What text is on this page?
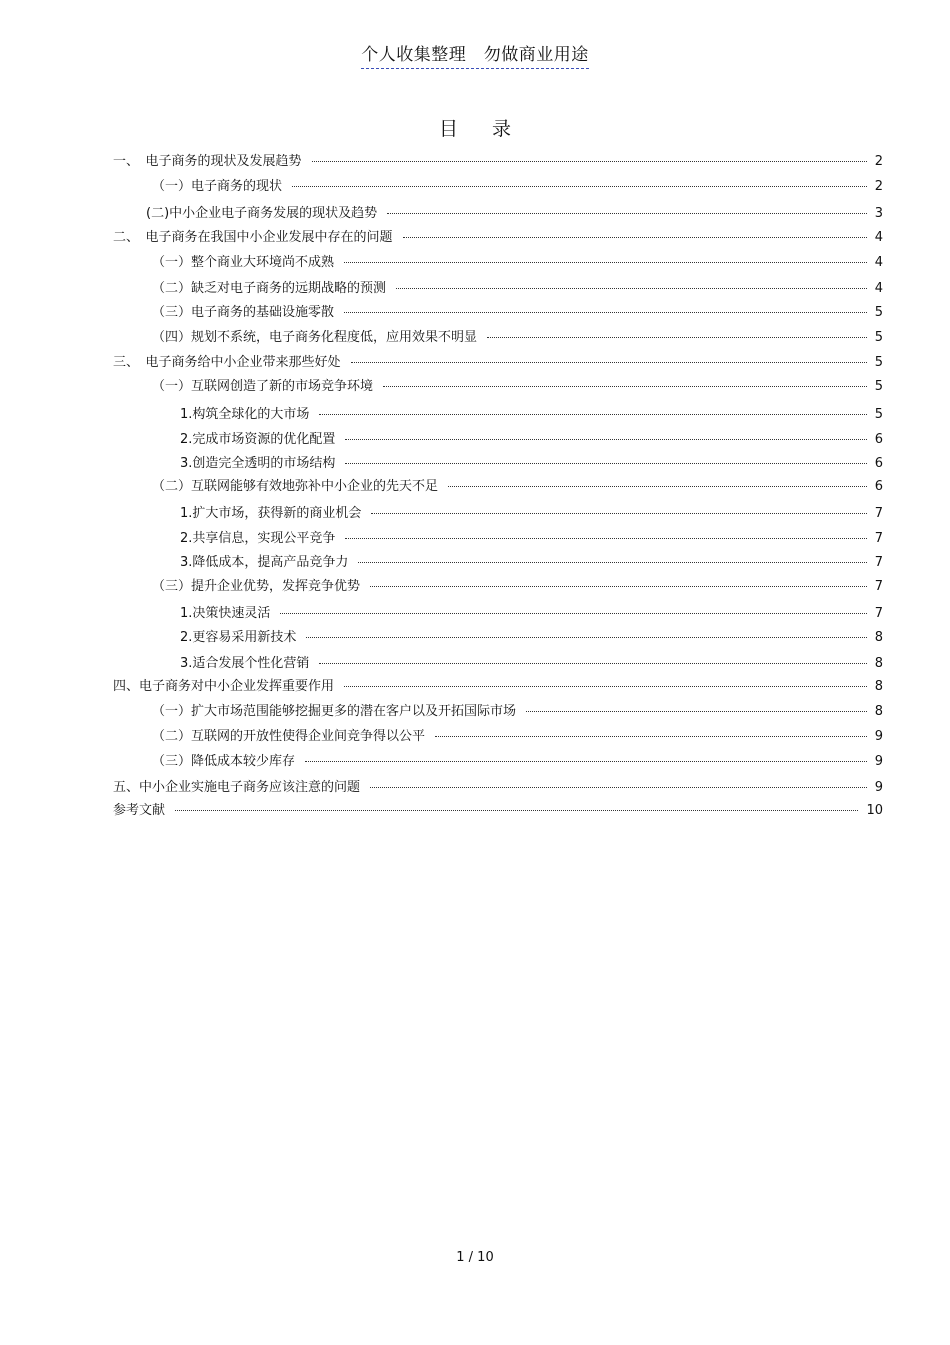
个人收集整理　勿做商业用途
目 录
一、　电子商务的现状及发展趋势	2
（一）电子商务的现状	2
(二)中小企业电子商务发展的现状及趋势	3
二、　电子商务在我国中小企业发展中存在的问题	4
（一）整个商业大环境尚不成熟	4
（二）缺乏对电子商务的远期战略的预测	4
（三）电子商务的基础设施零散	5
（四）规划不系统，电子商务化程度低，应用效果不明显	5
三、　电子商务给中小企业带来那些好处	5
（一）互联网创造了新的市场竞争环境	5
1.构筑全球化的大市场	5
2.完成市场资源的优化配置	6
3.创造完全透明的市场结构	6
（二）互联网能够有效地弥补中小企业的先天不足	6
1.扩大市场，获得新的商业机会	7
2.共享信息，实现公平竞争	7
3.降低成本，提高产品竞争力	7
（三）提升企业优势，发挥竞争优势	7
1.决策快速灵活	7
2.更容易采用新技术	8
3.适合发展个性化营销	8
四、电子商务对中小企业发挥重要作用	8
（一）扩大市场范围能够挖掘更多的潜在客户以及开拓国际市场	8
（二）互联网的开放性使得企业间竞争得以公平	9
（三）降低成本较少库存	9
五、中小企业实施电子商务应该注意的问题	9
参考文献	10
1 / 10
